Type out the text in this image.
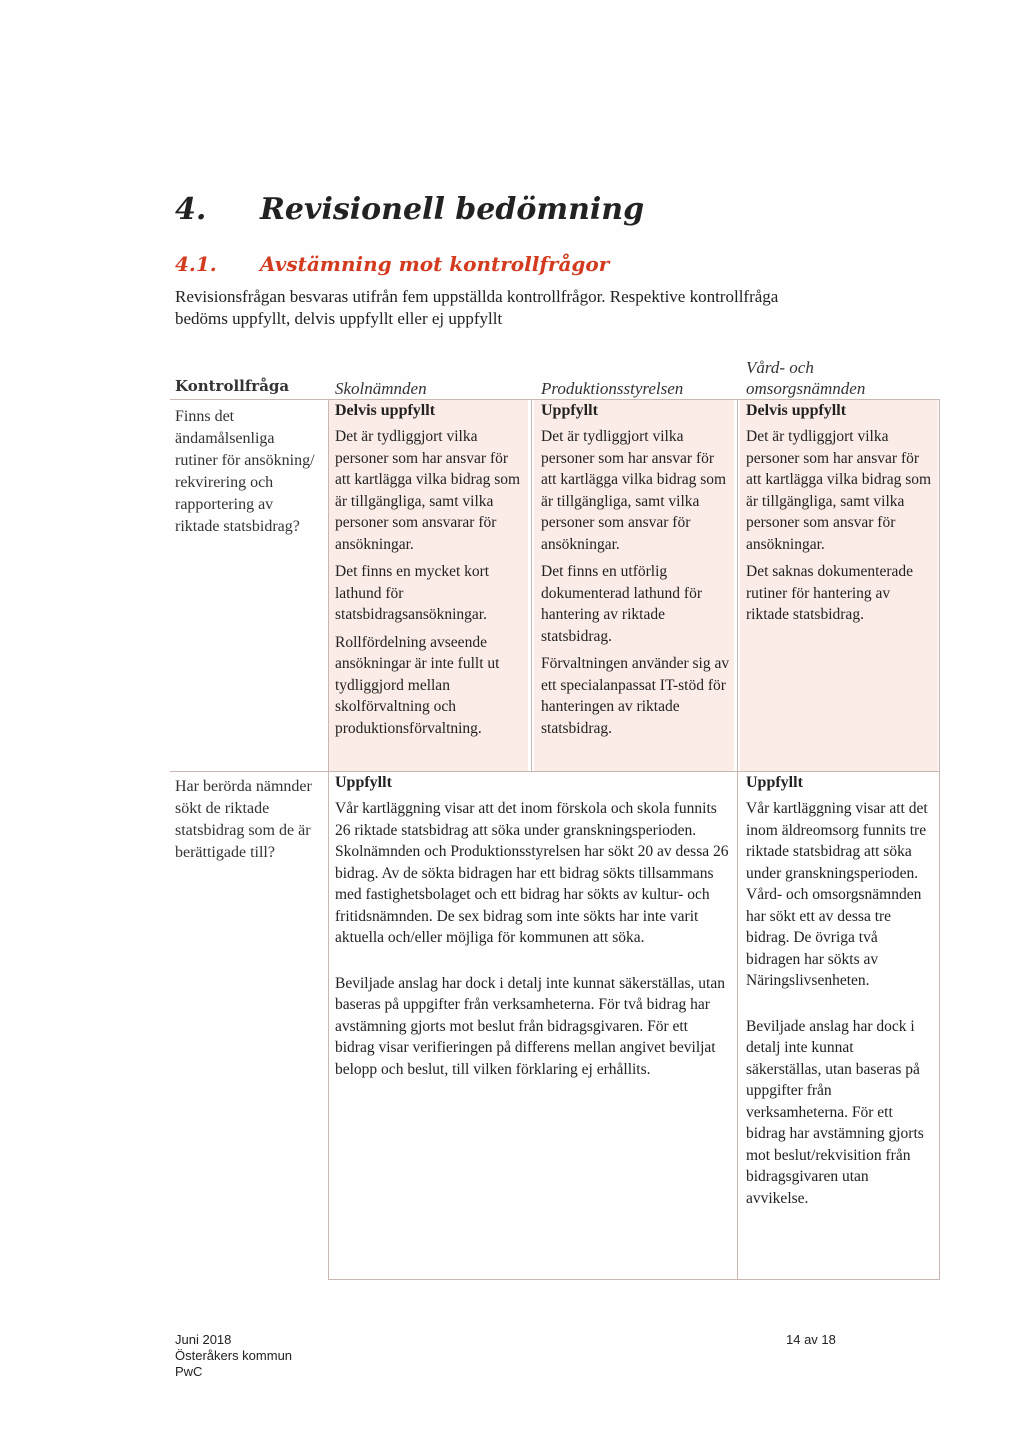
4. Revisionell bedömning
4.1. Avstämning mot kontrollfrågor
Revisionsfrågan besvaras utifrån fem uppställda kontrollfrågor. Respektive kontrollfråga bedöms uppfyllt, delvis uppfyllt eller ej uppfyllt
Kontrollfråga	Skolnämnden	Produktionsstyrelsen
Vård- och omsorgsnämnden
Finns det ändamålsenliga rutiner för ansökning/ rekvirering och rapportering av riktade statsbidrag?
Delvis uppfyllt

Det är tydliggjort vilka personer som har ansvar för att kartlägga vilka bidrag som är tillgängliga, samt vilka personer som ansvarar för ansökningar.

Det finns en mycket kort lathund för statsbidragsansökningar.

Rollfördelning avseende ansökningar är inte fullt ut tydliggjord mellan skolförvaltning och produktionsförvaltning.

Uppfyllt

Det är tydliggjort vilka personer som har ansvar för att kartlägga vilka bidrag som är tillgängliga, samt vilka personer som ansvar för ansökningar.

Det finns en utförlig dokumenterad lathund för hantering av riktade statsbidrag.

Förvaltningen använder sig av ett specialanpassat IT-stöd för hanteringen av riktade statsbidrag.

Delvis uppfyllt

Det är tydliggjort vilka personer som har ansvar för att kartlägga vilka bidrag som är tillgängliga, samt vilka personer som ansvar för ansökningar.

Det saknas dokumenterade rutiner för hantering av riktade statsbidrag.

Har berörda nämnder sökt de riktade statsbidrag som de är berättigade till?
Uppfyllt

Vår kartläggning visar att det inom förskola och skola funnits 26 riktade statsbidrag att söka under granskningsperioden. Skolnämnden och Produktionsstyrelsen har sökt 20 av dessa 26 bidrag. Av de sökta bidragen har ett bidrag sökts tillsammans med fastighetsbolaget och ett bidrag har sökts av kultur- och fritidsnämnden. De sex bidrag som inte sökts har inte varit aktuella och/eller möjliga för kommunen att söka.

Beviljade anslag har dock i detalj inte kunnat säkerställas, utan baseras på uppgifter från verksamheterna. För två bidrag har avstämning gjorts mot beslut från bidragsgivaren. För ett bidrag visar verifieringen på differens mellan angivet beviljat belopp och beslut, till vilken förklaring ej erhållits.

Uppfyllt

Vår kartläggning visar att det inom äldreomsorg funnits tre riktade statsbidrag att söka under granskningsperioden. Vård- och omsorgsnämnden har sökt ett av dessa tre bidrag. De övriga två bidragen har sökts av Näringslivsenheten.

Beviljade anslag har dock i detalj inte kunnat säkerställas, utan baseras på uppgifter från verksamheterna. För ett bidrag har avstämning gjorts mot beslut/rekvisition från bidragsgivaren utan avvikelse.

Juni 2018
Österåkers kommun
PwC
14 av 18
